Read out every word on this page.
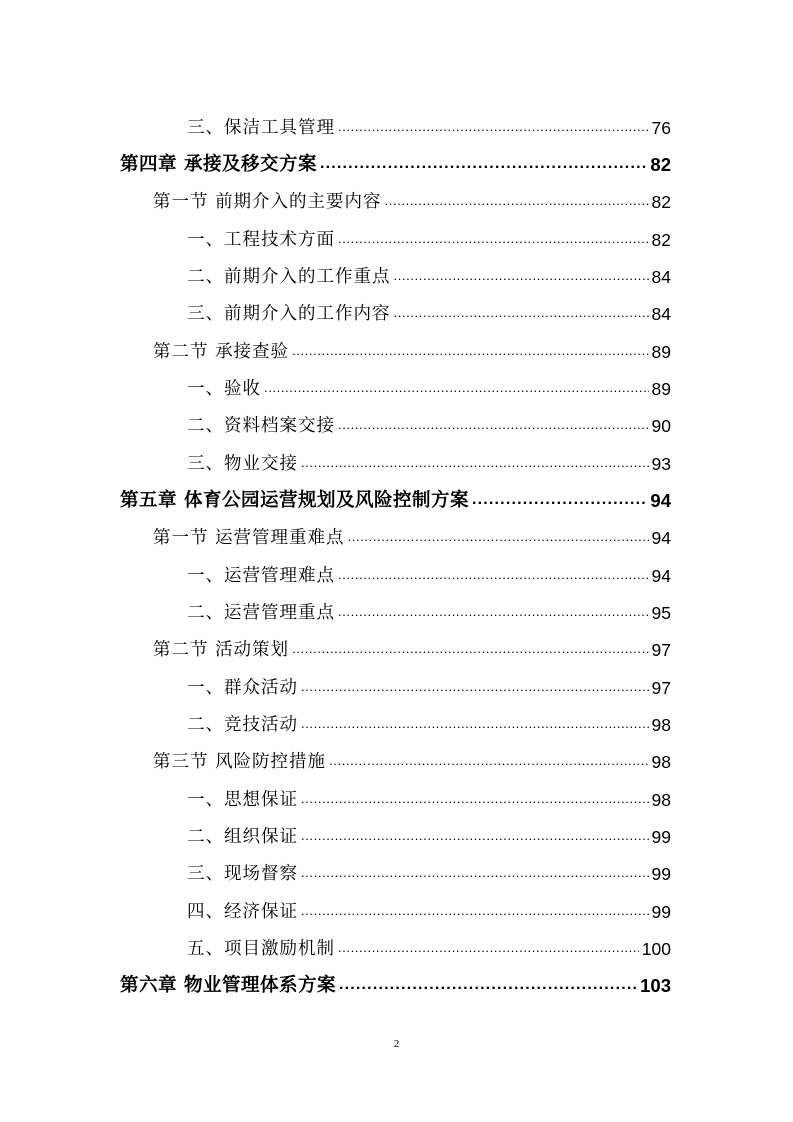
三、保洁工具管理 .....	76
第四章 承接及移交方案 .....	82
第一节 前期介入的主要内容 .....	82
一、工程技术方面 .....	82
二、前期介入的工作重点 .....	84
三、前期介入的工作内容 .....	84
第二节 承接查验 .....	89
一、验收 .....	89
二、资料档案交接 .....	90
三、物业交接 .....	93
第五章 体育公园运营规划及风险控制方案 .....	94
第一节 运营管理重难点 .....	94
一、运营管理难点 .....	94
二、运营管理重点 .....	95
第二节 活动策划 .....	97
一、群众活动 .....	97
二、竞技活动 .....	98
第三节 风险防控措施 .....	98
一、思想保证 .....	98
二、组织保证 .....	99
三、现场督察 .....	99
四、经济保证 .....	99
五、项目激励机制 .....	100
第六章 物业管理体系方案 .....	103
2
